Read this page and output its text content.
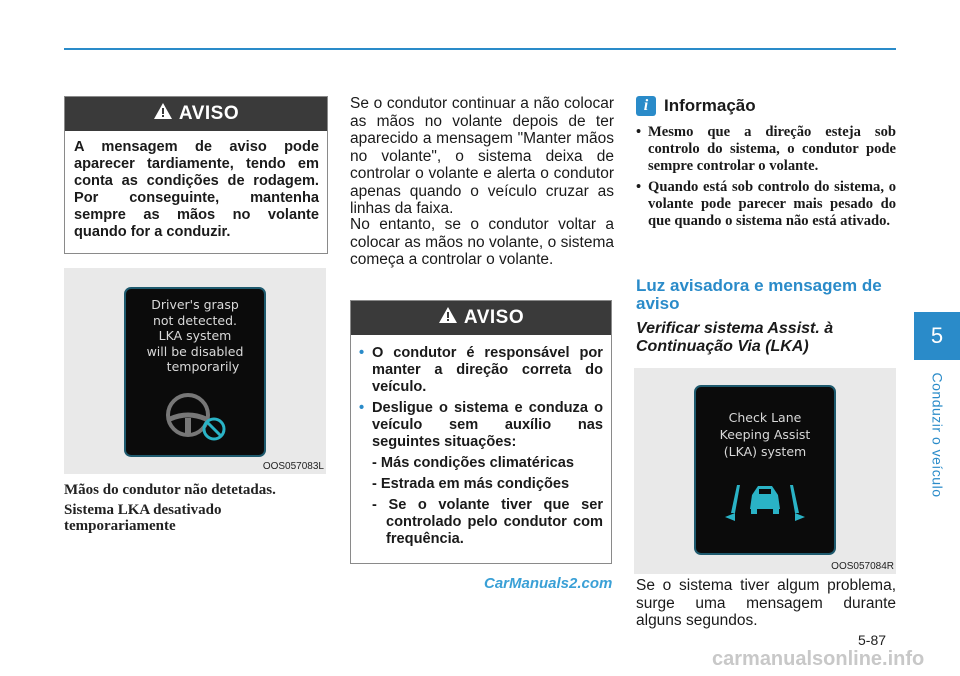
AVISO
A mensagem de aviso pode aparecer tardiamente, tendo em conta as condições de rodagem. Por conseguinte, mantenha sempre as mãos no volante quando for a conduzir.
Driver's grasp
not detected.
LKA system
will be disabled
temporarily
OOS057083L
Mãos do condutor não detetadas.
Sistema LKA desativado temporariamente
Se o condutor continuar a não colocar as mãos no volante depois de ter aparecido a mensagem "Manter mãos no volante", o sistema deixa de controlar o volante e alerta o condutor apenas quando o veículo cruzar as linhas da faixa.
No entanto, se o condutor voltar a colocar as mãos no volante, o sistema começa a controlar o volante.
AVISO
• O condutor é responsável por manter a direção correta do veículo.
• Desligue o sistema e conduza o veículo sem auxílio nas seguintes situações:
- Más condições climatéricas
- Estrada em más condições
- Se o volante tiver que ser controlado pelo condutor com frequência.
CarManuals2.com
i Informação
• Mesmo que a direção esteja sob controlo do sistema, o condutor pode sempre controlar o volante.
• Quando está sob controlo do sistema, o volante pode parecer mais pesado do que quando o sistema não está ativado.
Luz avisadora e mensagem de aviso
Verificar sistema Assist. à Continuação Via (LKA)
Check Lane
Keeping Assist
(LKA) system
OOS057084R
Se o sistema tiver algum problema, surge uma mensagem durante alguns segundos.
5-87
carmanualsonline.info
5
Conduzir o veículo
